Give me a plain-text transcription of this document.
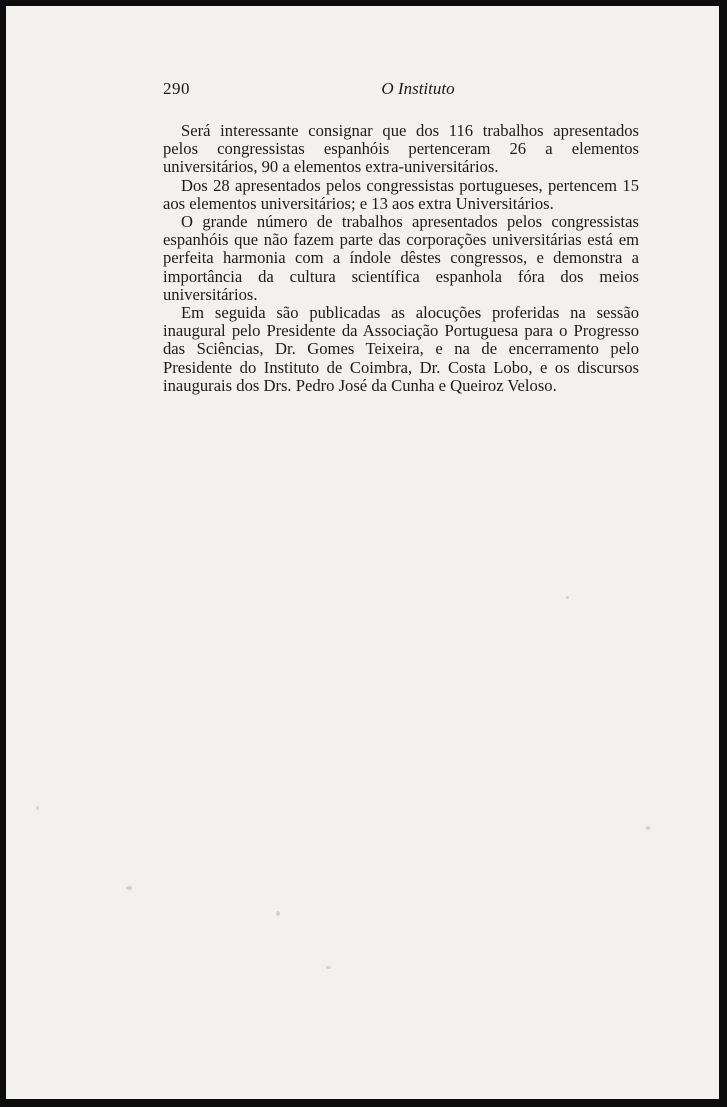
290	O Instituto

Será interessante consignar que dos 116 trabalhos apresentados pelos congressistas espanhóis pertenceram 26 a elementos universitários, 90 a elementos extra-universitários.

Dos 28 apresentados pelos congressistas portugueses, pertencem 15 aos elementos universitários; e 13 aos extra Universitários.

O grande número de trabalhos apresentados pelos congressistas espanhóis que não fazem parte das corporações universitárias está em perfeita harmonia com a índole dêstes congressos, e demonstra a importância da cultura scientífica espanhola fóra dos meios universitários.

Em seguida são publicadas as alocuções proferidas na sessão inaugural pelo Presidente da Associação Portuguesa para o Progresso das Sciências, Dr. Gomes Teixeira, e na de encerramento pelo Presidente do Instituto de Coimbra, Dr. Costa Lobo, e os discursos inaugurais dos Drs. Pedro José da Cunha e Queiroz Veloso.
